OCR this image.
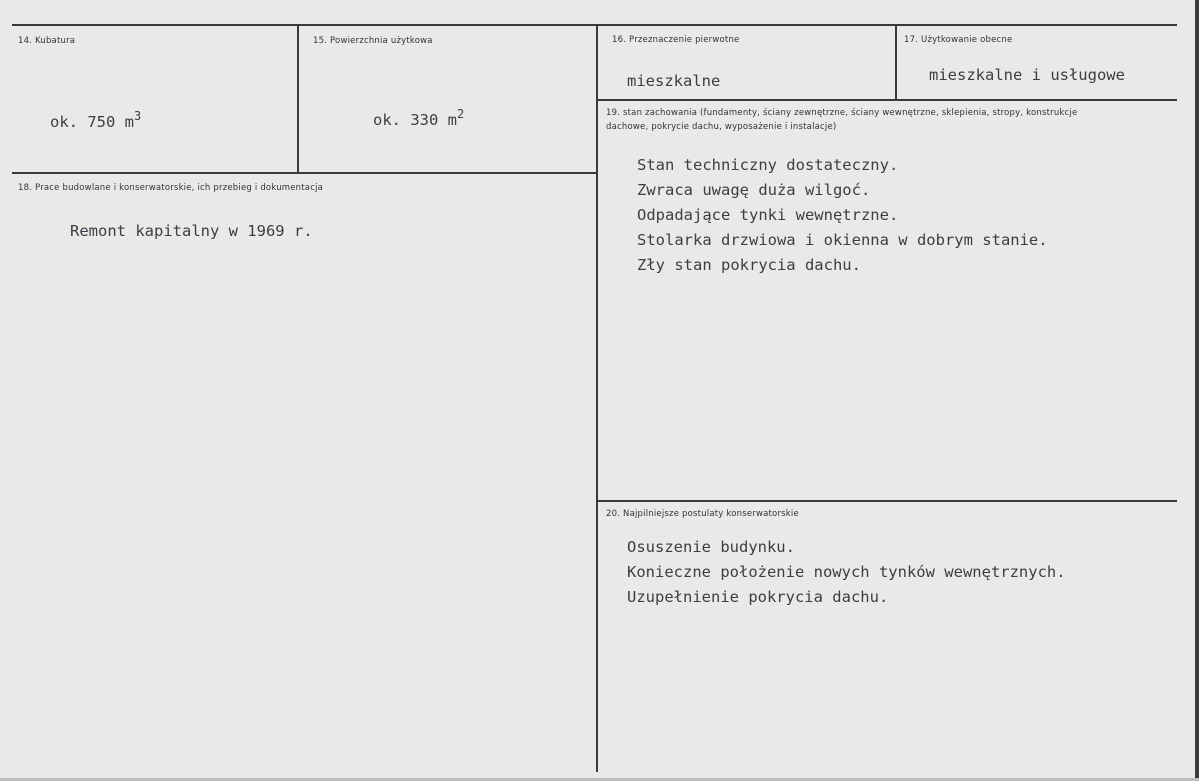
14. Kubatura
ok. 750 $m^3$
15. Powierzchnia użytkowa
ok. 330 $m^2$
16. Przeznaczenie pierwotne
mieszkalne
17. Użytkowanie obecne
mieszkalne i usługowe
18. Prace budowlane i konserwatorskie, ich przebieg i dokumentacja
Remont kapitalny w 1969 r.
19. stan zachowania (fundamenty, ściany zewnętrzne, ściany wewnętrzne, sklepienia, stropy, konstrukcje dachowe, pokrycie dachu, wyposażenie i instalacje)
Stan techniczny dostateczny.
Zwraca uwagę duża wilgoć.
Odpadające tynki wewnętrzne.
Stolarka drzwiowa i okienna w dobrym stanie.
Zły stan pokrycia dachu.
20. Najpilniejsze postulaty konserwatorskie
Osuszenie budynku.
Konieczne położenie nowych tynków wewnętrznych.
Uzupełnienie pokrycia dachu.
